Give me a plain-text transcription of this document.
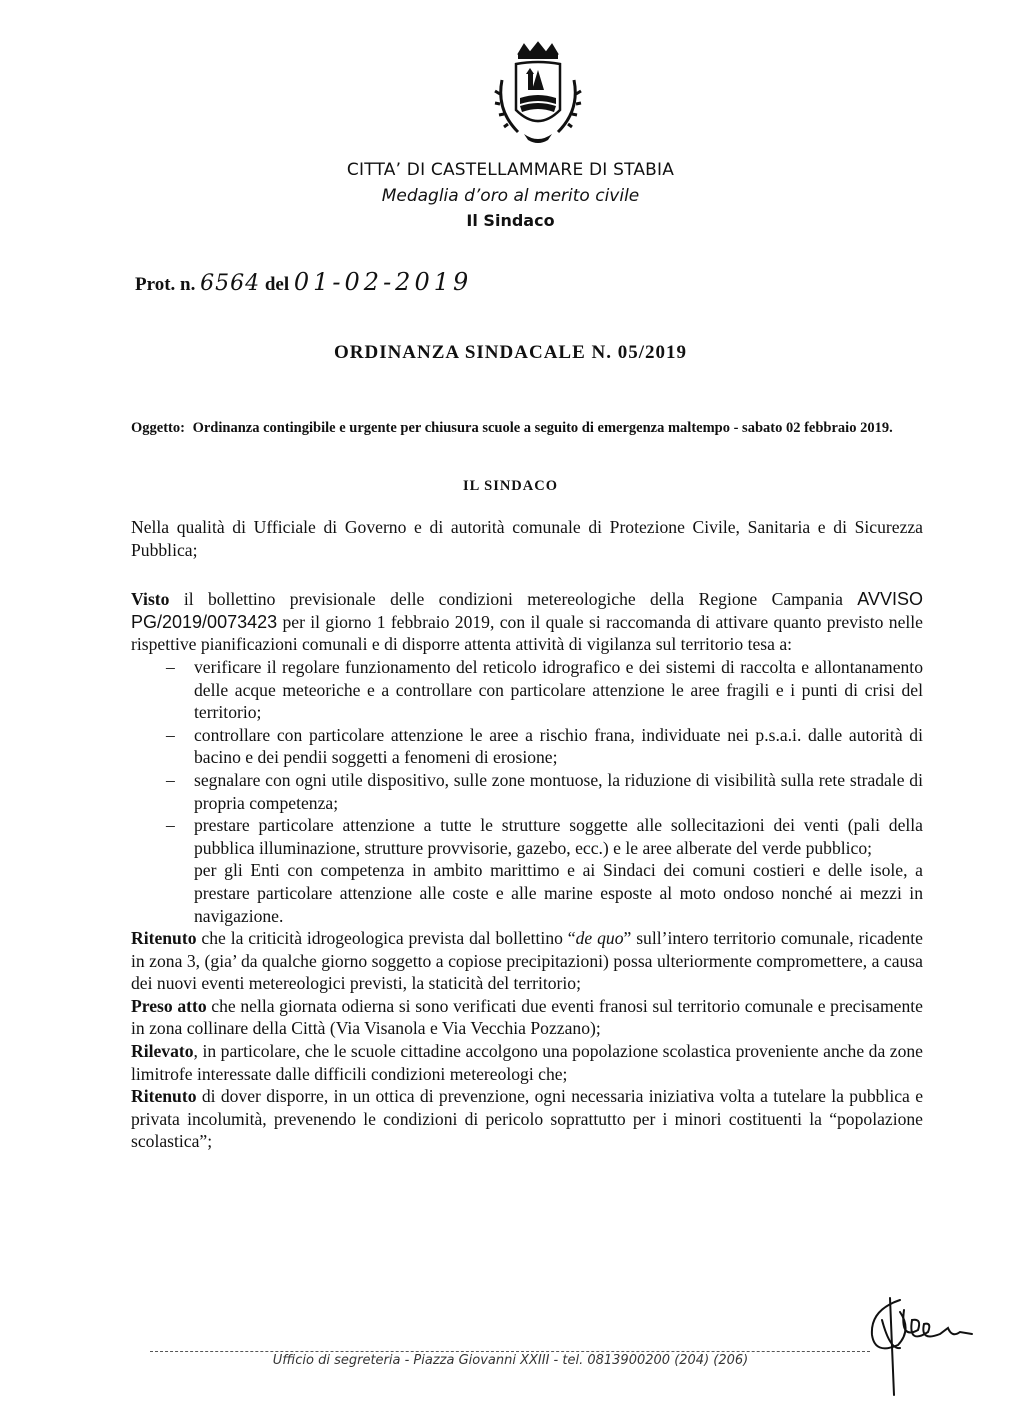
CITTA’ DI CASTELLAMMARE DI STABIA
Medaglia d’oro al merito civile
Il Sindaco
Prot. n. 6564 del 01-02-2019
ORDINANZA SINDACALE N. 05/2019
Oggetto: Ordinanza contingibile e urgente per chiusura scuole a seguito di emergenza maltempo - sabato 02 febbraio 2019.
IL SINDACO

Nella qualità di Ufficiale di Governo e di autorità comunale di Protezione Civile, Sanitaria e di Sicurezza Pubblica;

Visto il bollettino previsionale delle condizioni metereologiche della Regione Campania AVVISO PG/2019/0073423 per il giorno 1 febbraio 2019, con il quale si raccomanda di attivare quanto previsto nelle rispettive pianificazioni comunali e di disporre attenta attività di vigilanza sul territorio tesa a:

– verificare il regolare funzionamento del reticolo idrografico e dei sistemi di raccolta e allontanamento delle acque meteoriche e a controllare con particolare attenzione le aree fragili e i punti di crisi del territorio;
– controllare con particolare attenzione le aree a rischio frana, individuate nei p.s.a.i. dalle autorità di bacino e dei pendii soggetti a fenomeni di erosione;
– segnalare con ogni utile dispositivo, sulle zone montuose, la riduzione di visibilità sulla rete stradale di propria competenza;
– prestare particolare attenzione a tutte le strutture soggette alle sollecitazioni dei venti (pali della pubblica illuminazione, strutture provvisorie, gazebo, ecc.) e le aree alberate del verde pubblico;

per gli Enti con competenza in ambito marittimo e ai Sindaci dei comuni costieri e delle isole, a prestare particolare attenzione alle coste e alle marine esposte al moto ondoso nonché ai mezzi in navigazione.

Ritenuto che la criticità idrogeologica prevista dal bollettino “de quo” sull’intero territorio comunale, ricadente in zona 3, (gia’ da qualche giorno soggetto a copiose precipitazioni) possa ulteriormente compromettere, a causa dei nuovi eventi metereologici previsti, la staticità del territorio;

Preso atto che nella giornata odierna si sono verificati due eventi franosi sul territorio comunale e precisamente in zona collinare della Città (Via Visanola e Via Vecchia Pozzano);

Rilevato, in particolare, che le scuole cittadine accolgono una popolazione scolastica proveniente anche da zone limitrofe interessate dalle difficili condizioni metereologi che;

Ritenuto di dover disporre, in un ottica di prevenzione, ogni necessaria iniziativa volta a tutelare la pubblica e privata incolumità, prevenendo le condizioni di pericolo soprattutto per i minori costituenti la “popolazione scolastica”;

Ufficio di segreteria - Piazza Giovanni XXIII - tel. 0813900200 (204) (206)
